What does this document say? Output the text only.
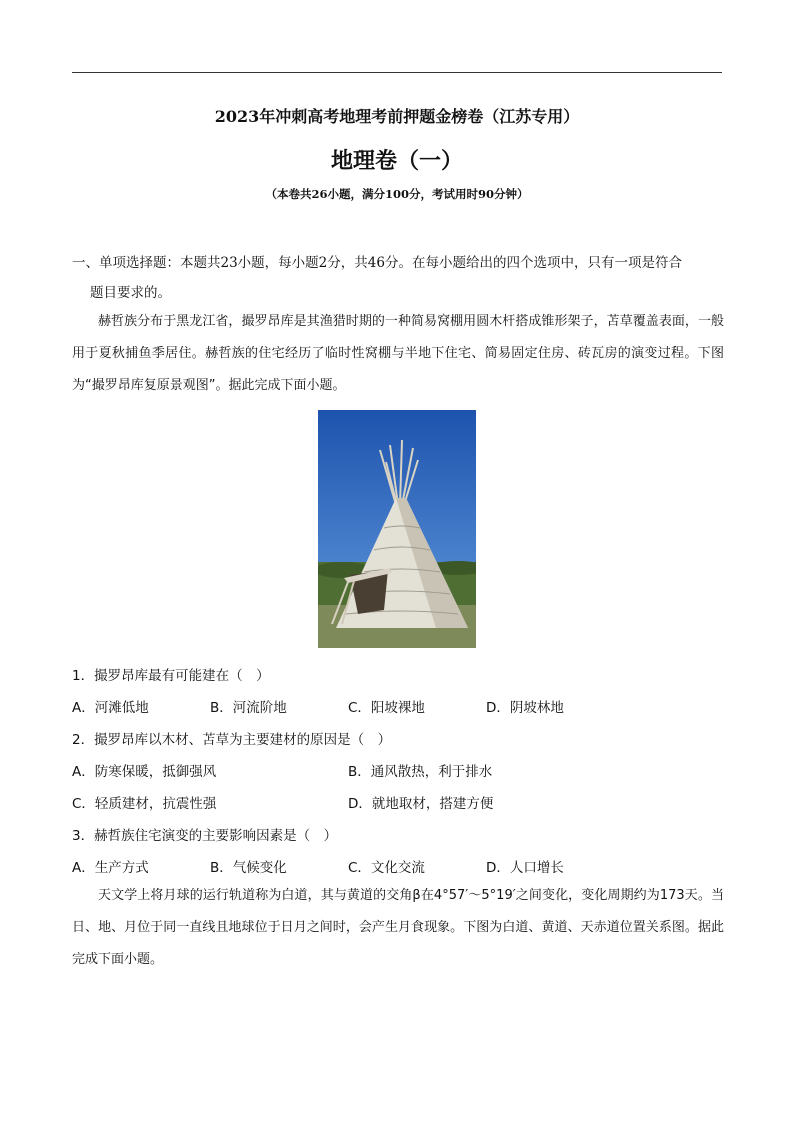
2023年冲刺高考地理考前押题金榜卷（江苏专用）
地理卷（一）
（本卷共26小题，满分100分，考试用时90分钟）
一、单项选择题：本题共23小题，每小题2分，共46分。在每小题给出的四个选项中，只有一项是符合
题目要求的。
赫哲族分布于黑龙江省，撮罗昂库是其渔猎时期的一种简易窝棚用圆木杆搭成锥形架子，苫草覆盖表面，一般用于夏秋捕鱼季居住。赫哲族的住宅经历了临时性窝棚与半地下住宅、简易固定住房、砖瓦房的演变过程。下图为“撮罗昂库复原景观图”。据此完成下面小题。
1．撮罗昂库最有可能建在（　）
A．河滩低地	B．河流阶地	C．阳坡裸地	D．阴坡林地
2．撮罗昂库以木材、苫草为主要建材的原因是（　）
A．防寒保暖，抵御强风	B．通风散热，利于排水
C．轻质建材，抗震性强	D．就地取材，搭建方便
3．赫哲族住宅演变的主要影响因素是（　）
A．生产方式	B．气候变化	C．文化交流	D．人口增长
天文学上将月球的运行轨道称为白道，其与黄道的交角β在4°57′～5°19′之间变化，变化周期约为173天。当日、地、月位于同一直线且地球位于日月之间时，会产生月食现象。下图为白道、黄道、天赤道位置关系图。据此完成下面小题。
